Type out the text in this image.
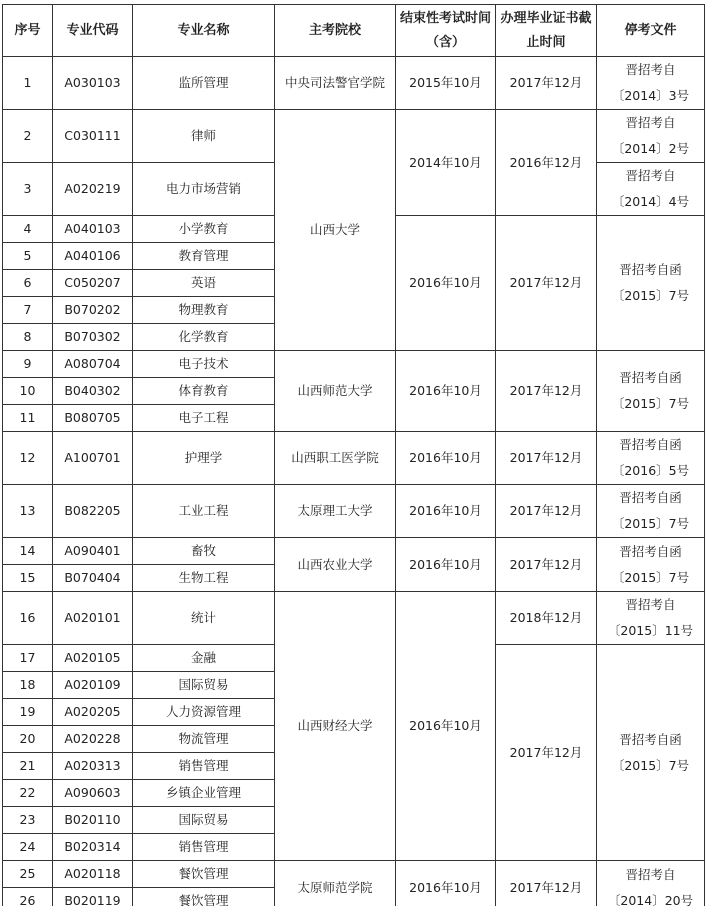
序号	专业代码	专业名称	主考院校	结束性考试时间（含）	办理毕业证书截止时间	停考文件
1	A030103	监所管理	中央司法警官学院	2015年10月	2017年12月	晋招考自
〔2014〕3号

2	C030111	律师	山西大学	2014年10月	2016年12月	晋招考自
〔2014〕2号

3	A020219	电力市场营销				晋招考自
〔2014〕4号

4	A040103	小学教育		2016年10月	2017年12月	晋招考自函
〔2015〕7号

5	A040106	教育管理				
6	C050207	英语				
7	B070202	物理教育				
8	B070302	化学教育				
9	A080704	电子技术	山西师范大学	2016年10月	2017年12月	晋招考自函
〔2015〕7号

10	B040302	体育教育				
11	B080705	电子工程				
12	A100701	护理学	山西职工医学院	2016年10月	2017年12月	晋招考自函
〔2016〕5号

13	B082205	工业工程	太原理工大学	2016年10月	2017年12月	晋招考自函
〔2015〕7号

14	A090401	畜牧	山西农业大学	2016年10月	2017年12月	晋招考自函
〔2015〕7号

15	B070404	生物工程				
16	A020101	统计	山西财经大学	2016年10月	2018年12月	晋招考自
〔2015〕11号

17	A020105	金融			2017年12月	晋招考自函
〔2015〕7号

18	A020109	国际贸易				
19	A020205	人力资源管理				
20	A020228	物流管理				
21	A020313	销售管理				
22	A090603	乡镇企业管理				
23	B020110	国际贸易				
24	B020314	销售管理				
25	A020118	餐饮管理	太原师范学院	2016年10月	2017年12月	晋招考自
〔2014〕20号

26	B020119	餐饮管理				
